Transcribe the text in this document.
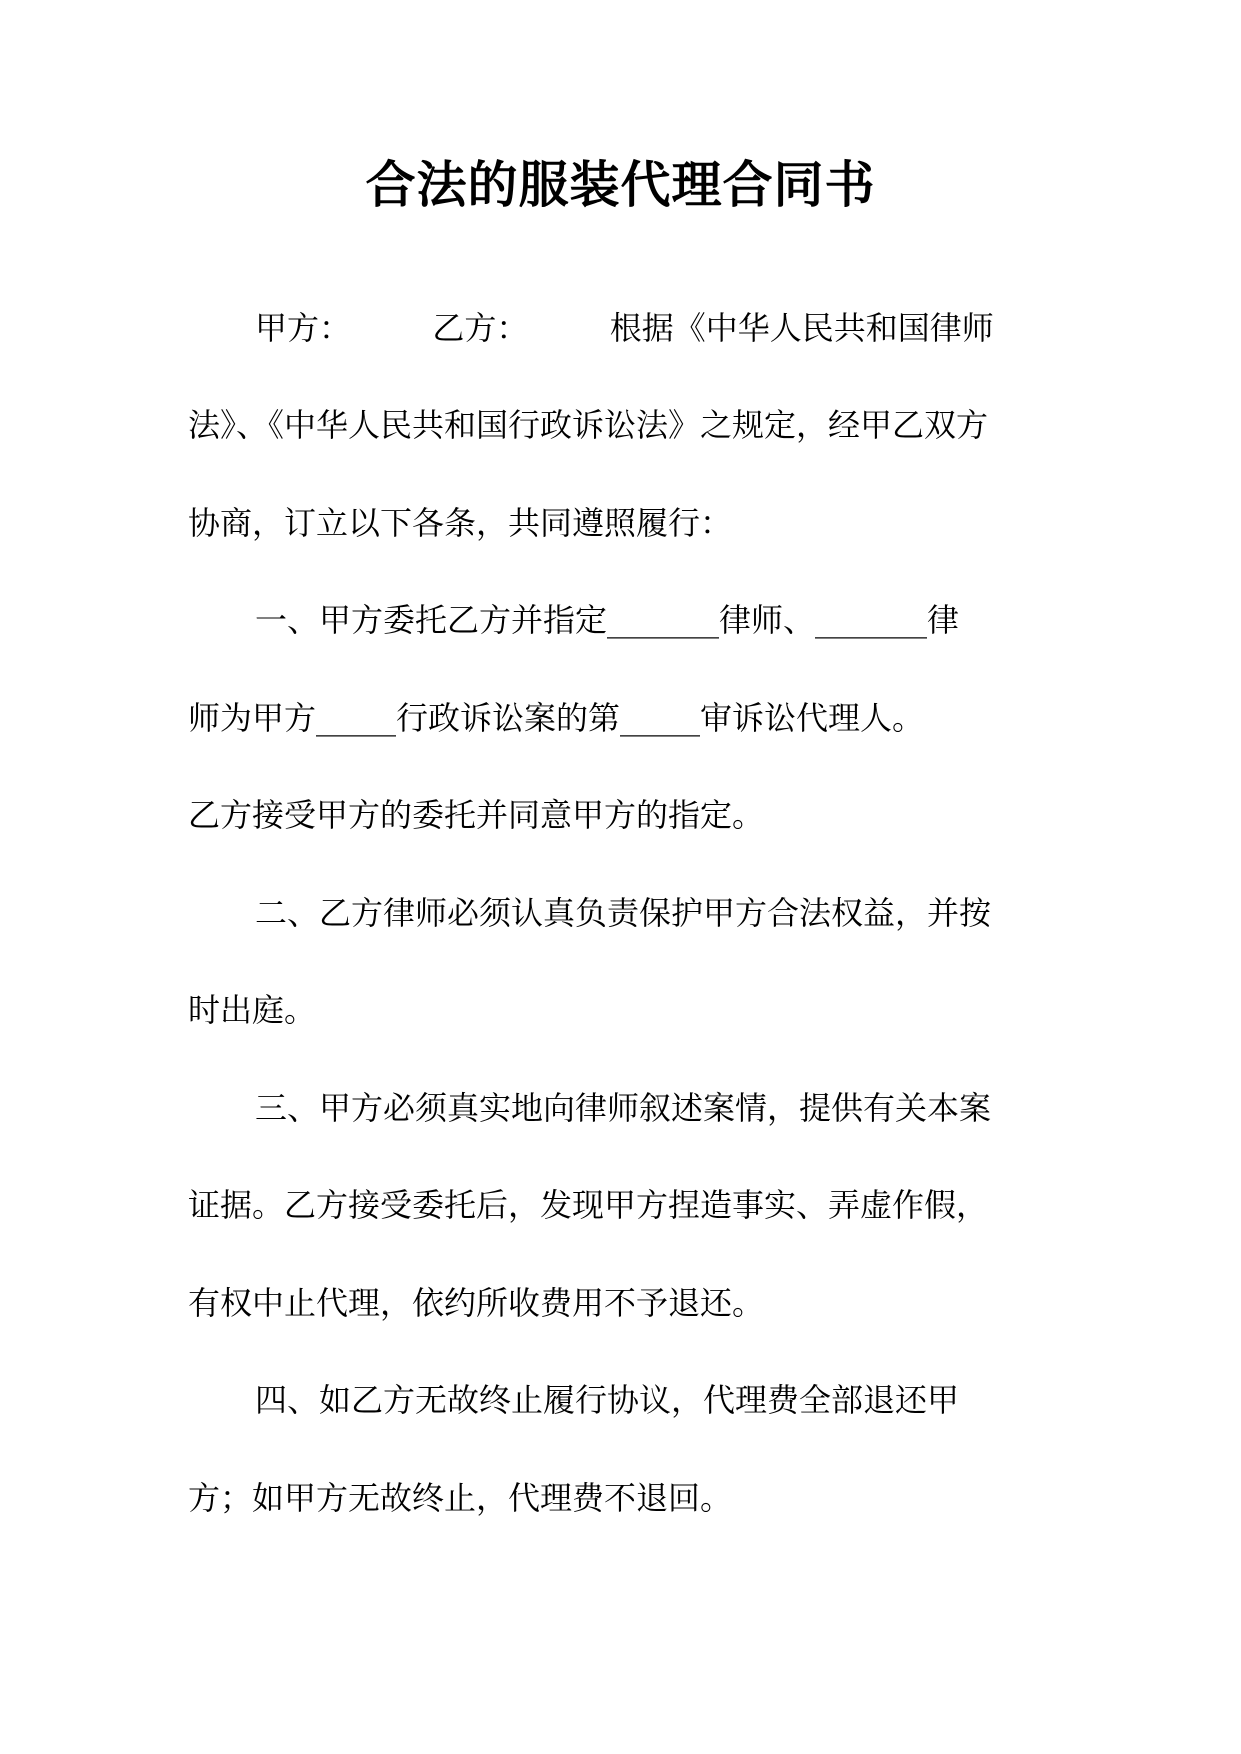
合法的服装代理合同书
甲方：        乙方：        根据《中华人民共和国律师
法》、《中华人民共和国行政诉讼法》之规定，经甲乙双方
协商，订立以下各条，共同遵照履行：
一、甲方委托乙方并指定_______律师、_______律
师为甲方_____行政诉讼案的第_____审诉讼代理人。
乙方接受甲方的委托并同意甲方的指定。
二、乙方律师必须认真负责保护甲方合法权益，并按
时出庭。
三、甲方必须真实地向律师叙述案情，提供有关本案
证据。乙方接受委托后，发现甲方捏造事实、弄虚作假，
有权中止代理，依约所收费用不予退还。
四、如乙方无故终止履行协议，代理费全部退还甲
方；如甲方无故终止，代理费不退回。
